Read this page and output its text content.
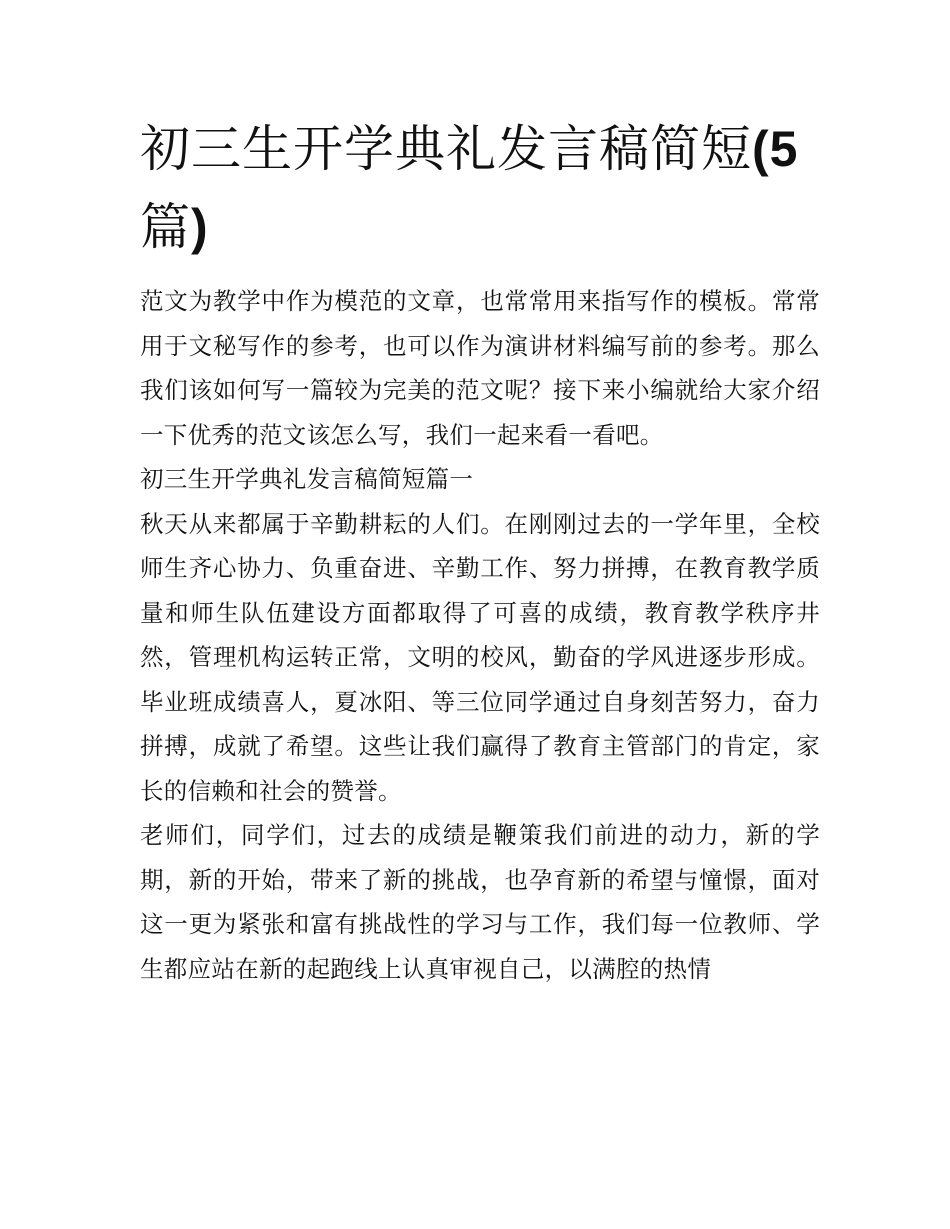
初三生开学典礼发言稿简短(5
篇)

范文为教学中作为模范的文章，也常常用来指写作的模板。常常用于文秘写作的参考，也可以作为演讲材料编写前的参考。那么我们该如何写一篇较为完美的范文呢？接下来小编就给大家介绍一下优秀的范文该怎么写，我们一起来看一看吧。

初三生开学典礼发言稿简短篇一

秋天从来都属于辛勤耕耘的人们。在刚刚过去的一学年里，全校师生齐心协力、负重奋进、辛勤工作、努力拼搏，在教育教学质量和师生队伍建设方面都取得了可喜的成绩，教育教学秩序井然，管理机构运转正常，文明的校风，勤奋的学风进逐步形成。毕业班成绩喜人，夏冰阳、等三位同学通过自身刻苦努力，奋力拼搏，成就了希望。这些让我们赢得了教育主管部门的肯定，家长的信赖和社会的赞誉。

老师们，同学们，过去的成绩是鞭策我们前进的动力，新的学期，新的开始，带来了新的挑战，也孕育新的希望与憧憬，面对这一更为紧张和富有挑战性的学习与工作，我们每一位教师、学生都应站在新的起跑线上认真审视自己，以满腔的热情
